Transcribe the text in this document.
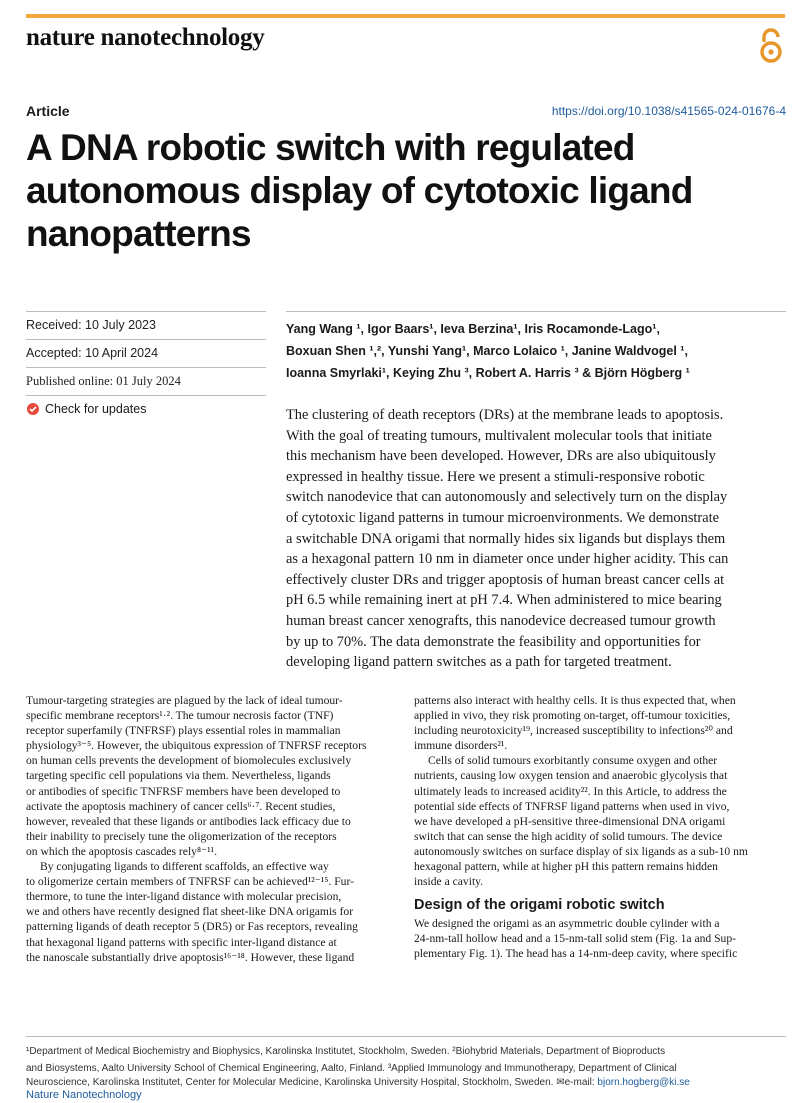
nature nanotechnology
Article	https://doi.org/10.1038/s41565-024-01676-4
A DNA robotic switch with regulated
autonomous display of cytotoxic ligand
nanopatterns
Received: 10 July 2023
Accepted: 10 April 2024
Published online: 01 July 2024
Check for updates
Yang Wang ¹, Igor Baars¹, Ieva Berzina¹, Iris Rocamonde-Lago¹,
Boxuan Shen ¹,², Yunshi Yang¹, Marco Lolaico ¹, Janine Waldvogel ¹,
Ioanna Smyrlaki¹, Keying Zhu ³, Robert A. Harris ³ & Björn Högberg ¹
The clustering of death receptors (DRs) at the membrane leads to apoptosis.
With the goal of treating tumours, multivalent molecular tools that initiate
this mechanism have been developed. However, DRs are also ubiquitously
expressed in healthy tissue. Here we present a stimuli-responsive robotic
switch nanodevice that can autonomously and selectively turn on the display
of cytotoxic ligand patterns in tumour microenvironments. We demonstrate
a switchable DNA origami that normally hides six ligands but displays them
as a hexagonal pattern 10 nm in diameter once under higher acidity. This can
effectively cluster DRs and trigger apoptosis of human breast cancer cells at
pH 6.5 while remaining inert at pH 7.4. When administered to mice bearing
human breast cancer xenografts, this nanodevice decreased tumour growth
by up to 70%. The data demonstrate the feasibility and opportunities for
developing ligand pattern switches as a path for targeted treatment.
Tumour-targeting strategies are plagued by the lack of ideal tumour-
specific membrane receptors¹·². The tumour necrosis factor (TNF)
receptor superfamily (TNFRSF) plays essential roles in mammalian
physiology³⁻⁵. However, the ubiquitous expression of TNFRSF receptors
on human cells prevents the development of biomolecules exclusively
targeting specific cell populations via them. Nevertheless, ligands
or antibodies of specific TNFRSF members have been developed to
activate the apoptosis machinery of cancer cells⁶·⁷. Recent studies,
however, revealed that these ligands or antibodies lack efficacy due to
their inability to precisely tune the oligomerization of the receptors
on which the apoptosis cascades rely⁸⁻¹¹.
By conjugating ligands to different scaffolds, an effective way
to oligomerize certain members of TNFRSF can be achieved¹²⁻¹⁵. Fur-
thermore, to tune the inter-ligand distance with molecular precision,
we and others have recently designed flat sheet-like DNA origamis for
patterning ligands of death receptor 5 (DR5) or Fas receptors, revealing
that hexagonal ligand patterns with specific inter-ligand distance at
the nanoscale substantially drive apoptosis¹⁶⁻¹⁸. However, these ligand
patterns also interact with healthy cells. It is thus expected that, when
applied in vivo, they risk promoting on-target, off-tumour toxicities,
including neurotoxicity¹⁹, increased susceptibility to infections²⁰ and
immune disorders²¹.
Cells of solid tumours exorbitantly consume oxygen and other
nutrients, causing low oxygen tension and anaerobic glycolysis that
ultimately leads to increased acidity²². In this Article, to address the
potential side effects of TNFRSF ligand patterns when used in vivo,
we have developed a pH-sensitive three-dimensional DNA origami
switch that can sense the high acidity of solid tumours. The device
autonomously switches on surface display of six ligands as a sub-10 nm
hexagonal pattern, while at higher pH this pattern remains hidden
inside a cavity.
Design of the origami robotic switch
We designed the origami as an asymmetric double cylinder with a
24-nm-tall hollow head and a 15-nm-tall solid stem (Fig. 1a and Sup-
plementary Fig. 1). The head has a 14-nm-deep cavity, where specific
¹Department of Medical Biochemistry and Biophysics, Karolinska Institutet, Stockholm, Sweden. ²Biohybrid Materials, Department of Bioproducts
and Biosystems, Aalto University School of Chemical Engineering, Aalto, Finland. ³Applied Immunology and Immunotherapy, Department of Clinical
Neuroscience, Karolinska Institutet, Center for Molecular Medicine, Karolinska University Hospital, Stockholm, Sweden. ✉e-mail: bjorn.hogberg@ki.se
Nature Nanotechnology
